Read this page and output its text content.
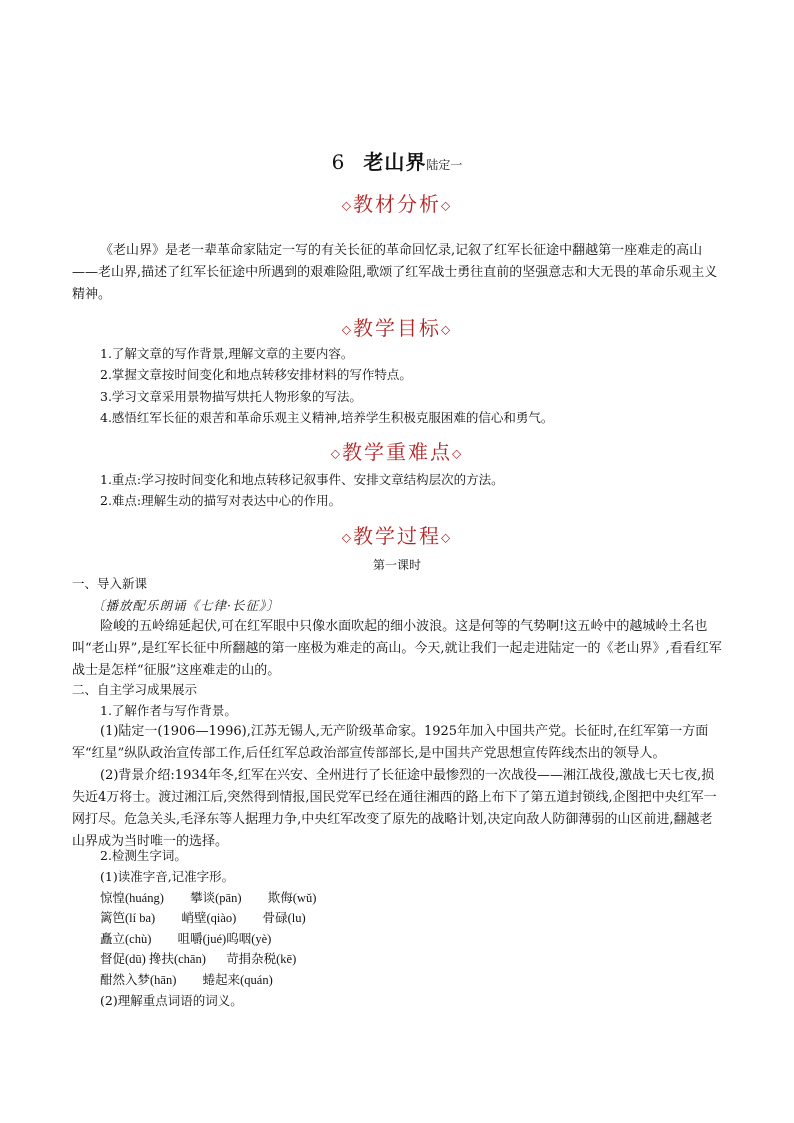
6 老山界陆定一
◇教材分析◇

《老山界》是老一辈革命家陆定一写的有关长征的革命回忆录,记叙了红军长征途中翻越第一座难走的高山——老山界,描述了红军长征途中所遇到的艰难险阻,歌颂了红军战士勇往直前的坚强意志和大无畏的革命乐观主义精神。

◇教学目标◇
1.了解文章的写作背景,理解文章的主要内容。
2.掌握文章按时间变化和地点转移安排材料的写作特点。
3.学习文章采用景物描写烘托人物形象的写法。
4.感悟红军长征的艰苦和革命乐观主义精神,培养学生积极克服困难的信心和勇气。
◇教学重难点◇
1.重点:学习按时间变化和地点转移记叙事件、安排文章结构层次的方法。
2.难点:理解生动的描写对表达中心的作用。
◇教学过程◇
第一课时
一、导入新课
〔播放配乐朗诵《七律·长征》〕

险峻的五岭绵延起伏,可在红军眼中只像水面吹起的细小波浪。这是何等的气势啊!这五岭中的越城岭土名也叫“老山界”,是红军长征中所翻越的第一座极为难走的高山。今天,就让我们一起走进陆定一的《老山界》,看看红军战士是怎样“征服”这座难走的山的。

二、自主学习成果展示
1.了解作者与写作背景。

(1)陆定一(1906—1996),江苏无锡人,无产阶级革命家。1925年加入中国共产党。长征时,在红军第一方面军“红星”纵队政治宣传部工作,后任红军总政治部宣传部部长,是中国共产党思想宣传阵线杰出的领导人。

(2)背景介绍:1934年冬,红军在兴安、全州进行了长征途中最惨烈的一次战役——湘江战役,激战七天七夜,损失近4万将士。渡过湘江后,突然得到情报,国民党军已经在通往湘西的路上布下了第五道封锁线,企图把中央红军一网打尽。危急关头,毛泽东等人据理力争,中央红军改变了原先的战略计划,决定向敌人防御薄弱的山区前进,翻越老山界成为当时唯一的选择。

2.检测生字词。
(1)读准字音,记准字形。
惊惶(huáng) 攀谈(pān) 欺侮(wǔ)
篱笆(lí ba) 峭壁(qiào) 骨碌(lu)
矗立(chù) 咀嚼(jué)呜咽(yè)
督促(dū) 搀扶(chān) 苛捐杂税(kē)
酣然入梦(hān) 蜷起来(quán)
(2)理解重点词语的词义。
